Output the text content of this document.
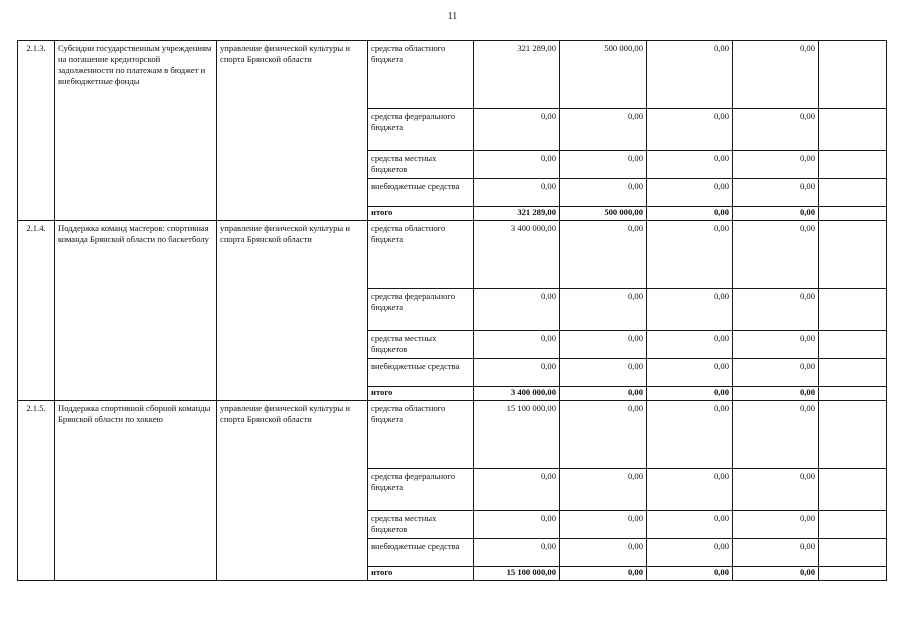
11
2.1.3.	Субсидии государственным учреждениям на погашение кредиторской задолженности по платежам в бюджет и внебюджетные фонды	управление физической культуры и спорта Брянской области	средства областного бюджета	321 289,00	500 000,00	0,00	0,00	
			средства федерального бюджета	0,00	0,00	0,00	0,00	
			средства местных бюджетов	0,00	0,00	0,00	0,00	
			внебюджетные средства	0,00	0,00	0,00	0,00	
			итого	321 289,00	500 000,00	0,00	0,00	
2.1.4.	Поддержка команд мастеров: спортивная команда Брянской области по баскетболу	управление физической культуры и спорта Брянской области	средства областного бюджета	3 400 000,00	0,00	0,00	0,00	
			средства федерального бюджета	0,00	0,00	0,00	0,00	
			средства местных бюджетов	0,00	0,00	0,00	0,00	
			внебюджетные средства	0,00	0,00	0,00	0,00	
			итого	3 400 000,00	0,00	0,00	0,00	
2.1.5.	Поддержка спортивной сборной команды Брянской области по хоккею	управление физической культуры и спорта Брянской области	средства областного бюджета	15 100 000,00	0,00	0,00	0,00	
			средства федерального бюджета	0,00	0,00	0,00	0,00	
			средства местных бюджетов	0,00	0,00	0,00	0,00	
			внебюджетные средства	0,00	0,00	0,00	0,00	
			итого	15 100 000,00	0,00	0,00	0,00	
